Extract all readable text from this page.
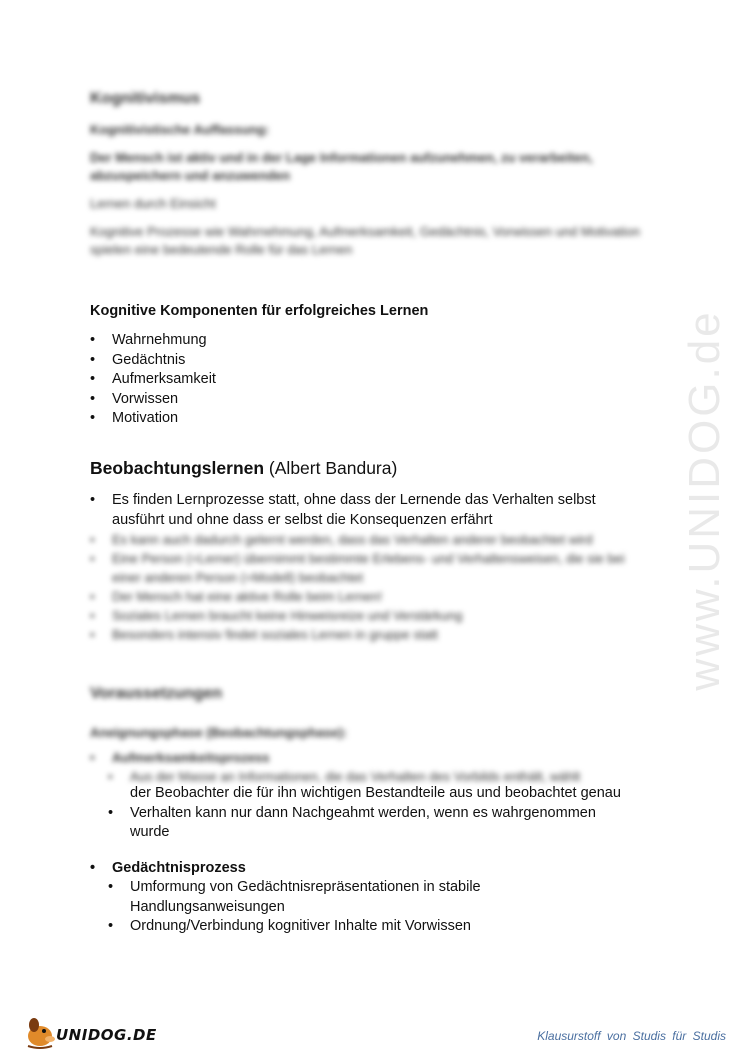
www.UNIDOG.de
Kognitivismus

Kognitivistische Auffassung:

Der Mensch ist aktiv und in der Lage Informationen aufzunehmen, zu verarbeiten, abzuspeichern und anzuwenden

Lernen durch Einsicht

Kognitive Prozesse wie Wahrnehmung, Aufmerksamkeit, Gedächtnis, Vorwissen und Motivation spielen eine bedeutende Rolle für das Lernen

Kognitive Komponenten für erfolgreiches Lernen

• Wahrnehmung
• Gedächtnis
• Aufmerksamkeit
• Vorwissen
• Motivation

Beobachtungslernen (Albert Bandura)

• Es finden Lernprozesse statt, ohne dass der Lernende das Verhalten selbst ausführt und ohne dass er selbst die Konsequenzen erfährt
• Es kann auch dadurch gelernt werden, dass das Verhalten anderer beobachtet wird
• Eine Person (=Lerner) übernimmt bestimmte Erlebens- und Verhaltensweisen, die sie bei einer anderen Person (=Modell) beobachtet
• Der Mensch hat eine aktive Rolle beim Lernen!
• Soziales Lernen braucht keine Hinweisreize und Verstärkung
• Besonders intensiv findet soziales Lernen in gruppe statt
Voraussetzungen

Aneignungsphase (Beobachtungsphase):

• Aufmerksamkeitsprozess
• Aus der Masse an Informationen, die das Verhalten des Vorbilds enthält, wählt
der Beobachter die für ihn wichtigen Bestandteile aus und beobachtet genau
• Verhalten kann nur dann Nachgeahmt werden, wenn es wahrgenommen wurde
• Gedächtnisprozess
• Umformung von Gedächtnisrepräsentationen in stabile Handlungsanweisungen
• Ordnung/Verbindung kognitiver Inhalte mit Vorwissen
UNIDOG.DE	Klausurstoff von Studis für Studis
